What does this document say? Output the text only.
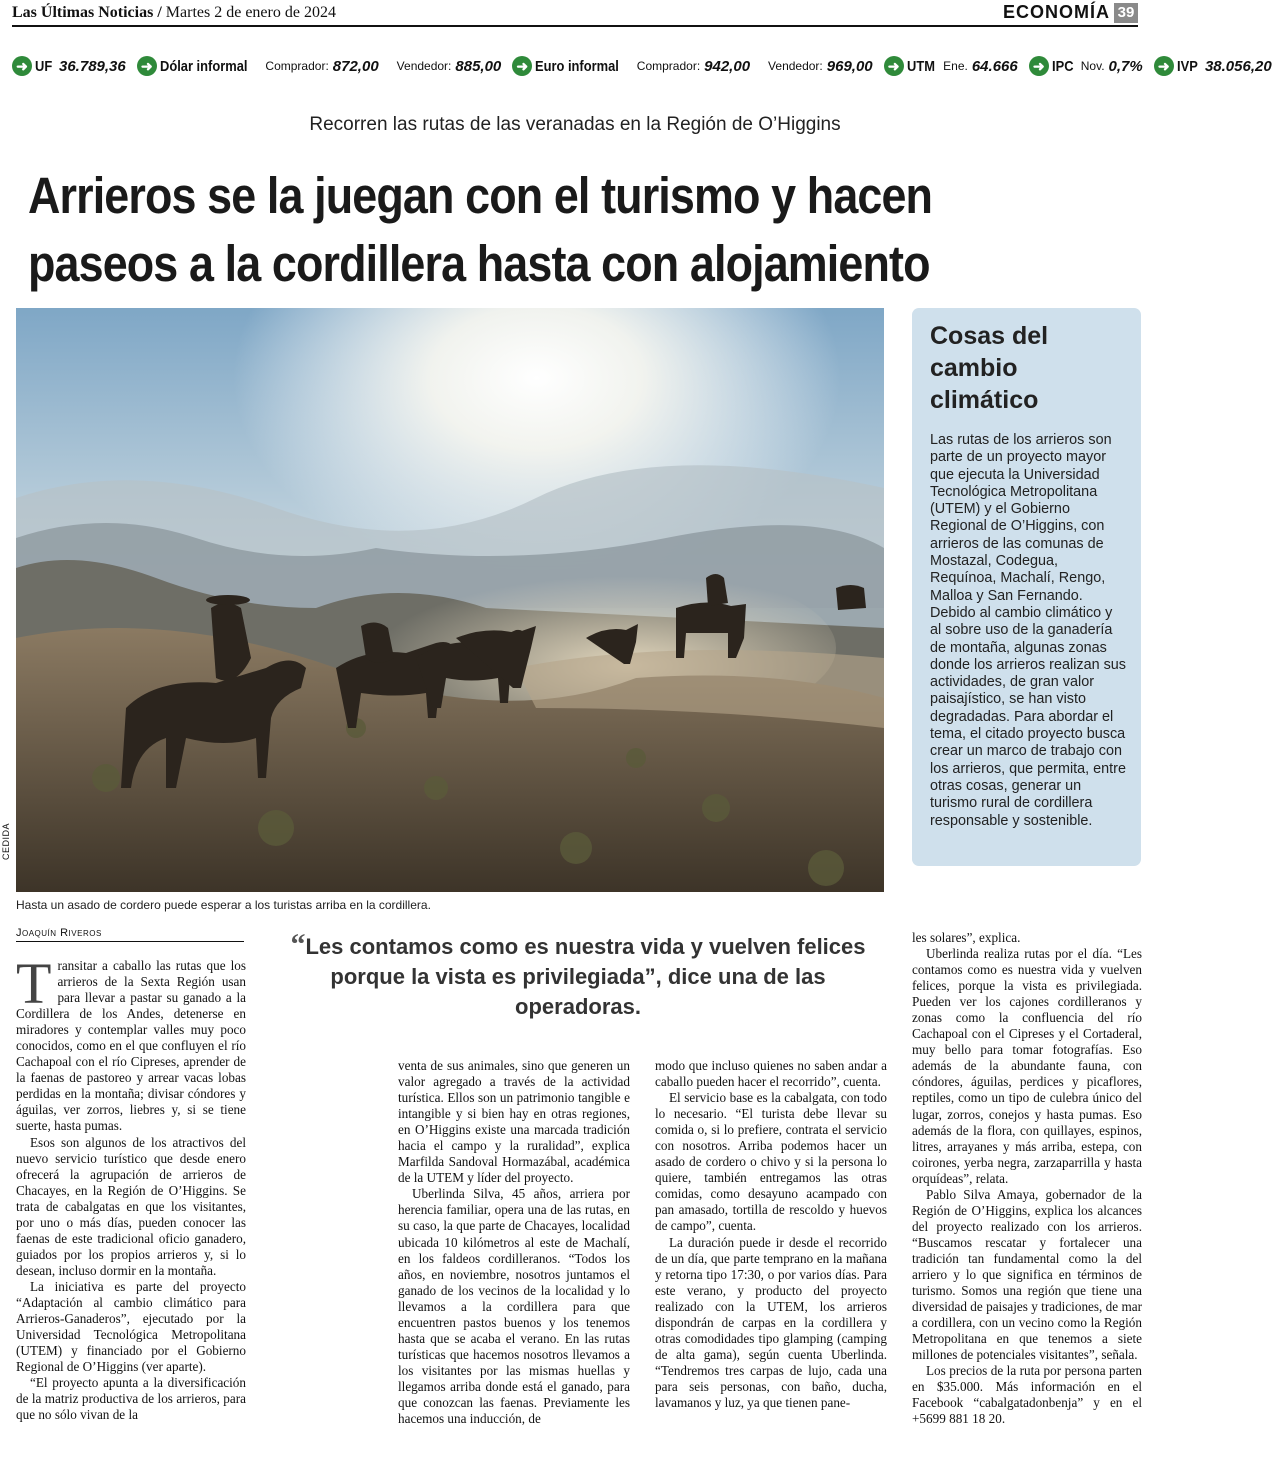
Las Últimas Noticias / Martes 2 de enero de 2024	ECONOMÍA 39
➜ UF 36.789,36 ➜ Dólar informal Comprador: 872,00 Vendedor: 885,00 ➜ Euro informal Comprador: 942,00 Vendedor: 969,00 ➜ UTM Ene. 64.666 ➜ IPC Nov. 0,7% ➜ IVP 38.056,20
Recorren las rutas de las veranadas en la Región de O’Higgins
Arrieros se la juegan con el turismo y hacen
paseos a la cordillera hasta con alojamiento
CEDIDA
Hasta un asado de cordero puede esperar a los turistas arriba en la cordillera.
Cosas del cambio climático

Las rutas de los arrieros son parte de un proyecto mayor que ejecuta la Universidad Tecnológica Metropolitana (UTEM) y el Gobierno Regional de O’Higgins, con arrieros de las comunas de Mostazal, Codegua, Requínoa, Machalí, Rengo, Malloa y San Fernando. Debido al cambio climático y al sobre uso de la ganadería de montaña, algunas zonas donde los arrieros realizan sus actividades, de gran valor paisajístico, se han visto degradadas. Para abordar el tema, el citado proyecto busca crear un marco de trabajo con los arrieros, que permita, entre otras cosas, generar un turismo rural de cordillera responsable y sostenible.

Joaquín Riveros	“Les contamos como es nuestra vida y vuelven felices porque la vista es privilegiada”, dice una de las operadoras.
T ransitar a caballo las rutas que los arrieros de la Sexta Región usan para llevar a pastar su ganado a la Cordillera de los Andes, detenerse en miradores y contemplar valles muy poco conocidos, como en el que confluyen el río Cachapoal con el río Cipreses, aprender de la faenas de pastoreo y arrear vacas lobas perdidas en la montaña; divisar cóndores y águilas, ver zorros, liebres y, si se tiene suerte, hasta pumas.

Esos son algunos de los atractivos del nuevo servicio turístico que desde enero ofrecerá la agrupación de arrieros de Chacayes, en la Región de O’Higgins. Se trata de cabalgatas en que los visitantes, por uno o más días, pueden conocer las faenas de este tradicional oficio ganadero, guiados por los propios arrieros y, si lo desean, incluso dormir en la montaña.

La iniciativa es parte del proyecto “Adaptación al cambio climático para Arrieros-Ganaderos”, ejecutado por la Universidad Tecnológica Metropolitana (UTEM) y financiado por el Gobierno Regional de O’Higgins (ver aparte).

“El proyecto apunta a la diversificación de la matriz productiva de los arrieros, para que no sólo vivan de la

venta de sus animales, sino que generen un valor agregado a través de la actividad turística. Ellos son un patrimonio tangible e intangible y si bien hay en otras regiones, en O’Higgins existe una marcada tradición hacia el campo y la ruralidad”, explica Marfilda Sandoval Hormazábal, académica de la UTEM y líder del proyecto.

Uberlinda Silva, 45 años, arriera por herencia familiar, opera una de las rutas, en su caso, la que parte de Chacayes, localidad ubicada 10 kilómetros al este de Machalí, en los faldeos cordilleranos. “Todos los años, en noviembre, nosotros juntamos el ganado de los vecinos de la localidad y lo llevamos a la cordillera para que encuentren pastos buenos y los tenemos hasta que se acaba el verano. En las rutas turísticas que hacemos nosotros llevamos a los visitantes por las mismas huellas y llegamos arriba donde está el ganado, para que conozcan las faenas. Previamente les hacemos una inducción, de

modo que incluso quienes no saben andar a caballo pueden hacer el recorrido”, cuenta.

El servicio base es la cabalgata, con todo lo necesario. “El turista debe llevar su comida o, si lo prefiere, contrata el servicio con nosotros. Arriba podemos hacer un asado de cordero o chivo y si la persona lo quiere, también entregamos las otras comidas, como desayuno acampado con pan amasado, tortilla de rescoldo y huevos de campo”, cuenta.

La duración puede ir desde el recorrido de un día, que parte temprano en la mañana y retorna tipo 17:30, o por varios días. Para este verano, y producto del proyecto realizado con la UTEM, los arrieros dispondrán de carpas en la cordillera y otras comodidades tipo glamping (camping de alta gama), según cuenta Uberlinda. “Tendremos tres carpas de lujo, cada una para seis personas, con baño, ducha, lavamanos y luz, ya que tienen pane-

les solares”, explica.

Uberlinda realiza rutas por el día. “Les contamos como es nuestra vida y vuelven felices, porque la vista es privilegiada. Pueden ver los cajones cordilleranos y zonas como la confluencia del río Cachapoal con el Cipreses y el Cortaderal, muy bello para tomar fotografías. Eso además de la abundante fauna, con cóndores, águilas, perdices y picaflores, reptiles, como un tipo de culebra único del lugar, zorros, conejos y hasta pumas. Eso además de la flora, con quillayes, espinos, litres, arrayanes y más arriba, estepa, con coirones, yerba negra, zarzaparrilla y hasta orquídeas”, relata.

Pablo Silva Amaya, gobernador de la Región de O’Higgins, explica los alcances del proyecto realizado con los arrieros. “Buscamos rescatar y fortalecer una tradición tan fundamental como la del arriero y lo que significa en términos de turismo. Somos una región que tiene una diversidad de paisajes y tradiciones, de mar a cordillera, con un vecino como la Región Metropolitana en que tenemos a siete millones de potenciales visitantes”, señala.

Los precios de la ruta por persona parten en $35.000. Más información en el Facebook “cabalgatadonbenja” y en el +5699 881 18 20.
